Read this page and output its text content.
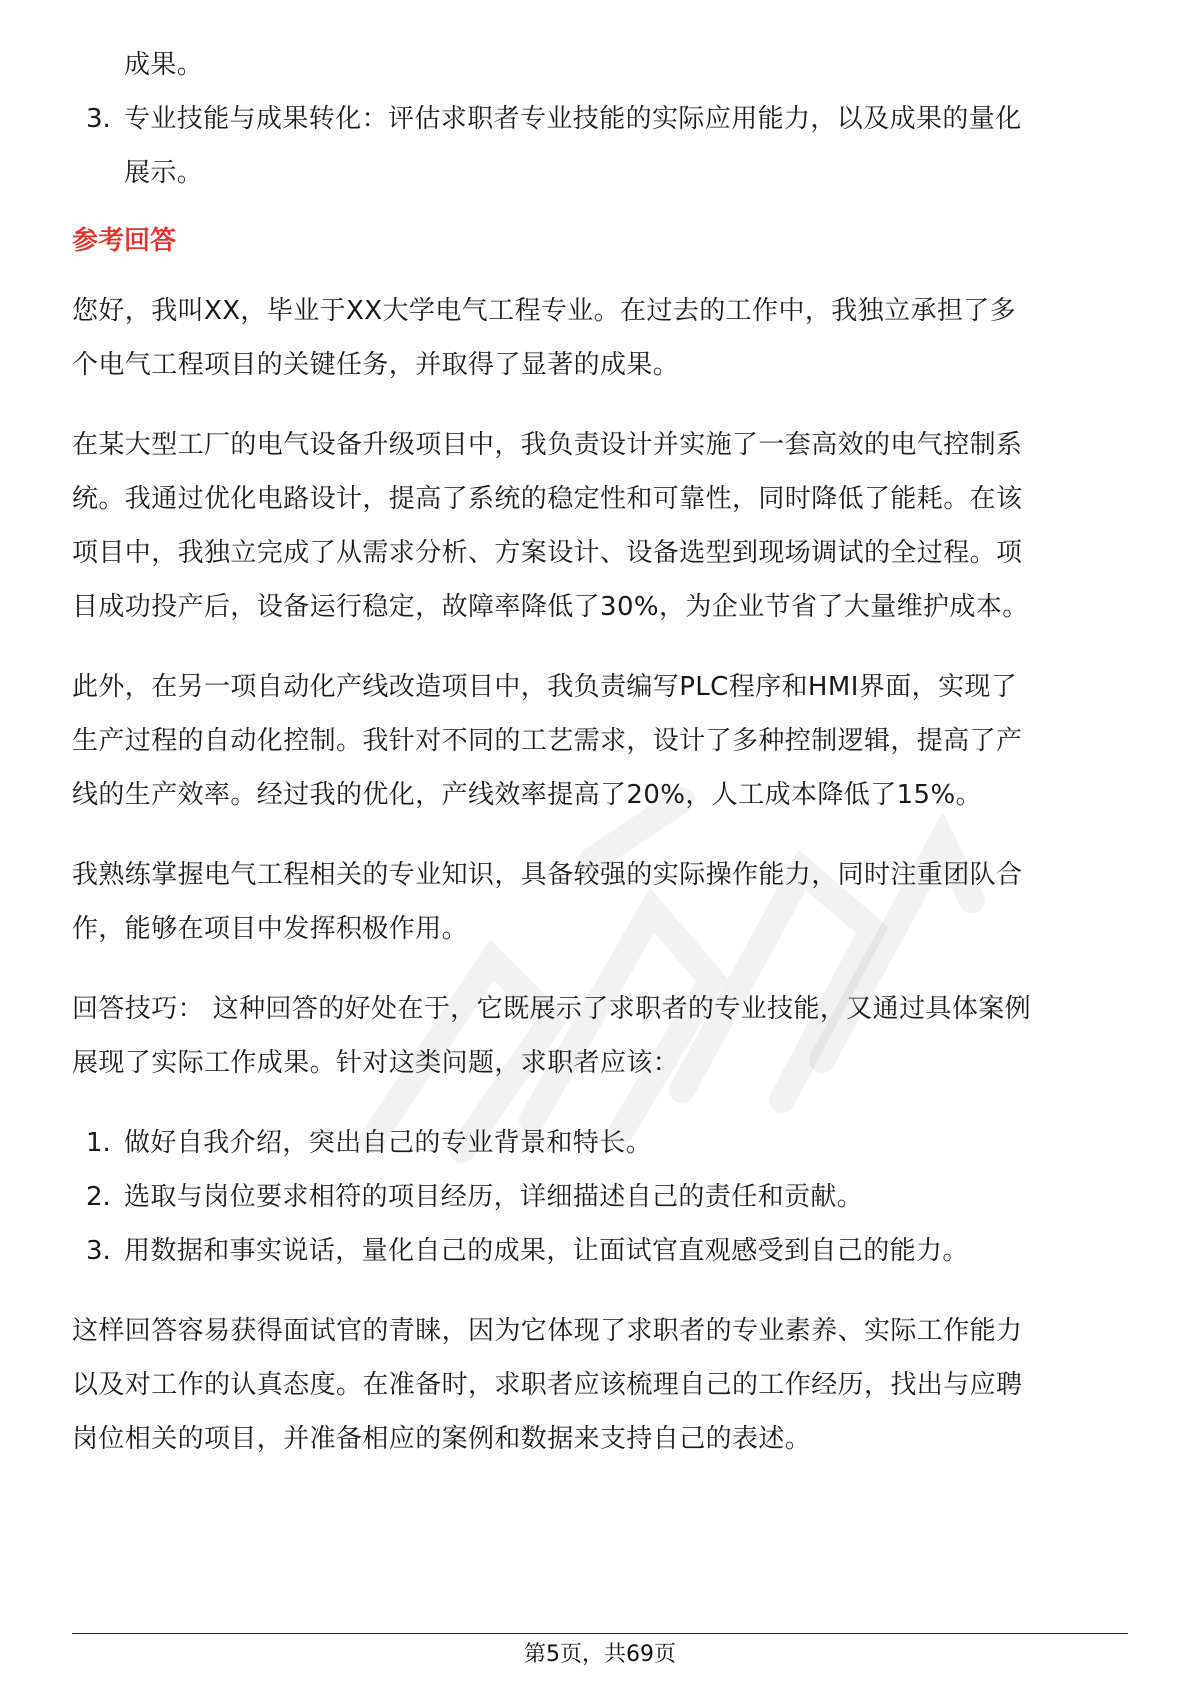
成果。
3. 专业技能与成果转化：评估求职者专业技能的实际应用能力，以及成果的量化
展示。
参考回答
您好，我叫XX，毕业于XX大学电气工程专业。在过去的工作中，我独立承担了多
个电气工程项目的关键任务，并取得了显著的成果。
在某大型工厂的电气设备升级项目中，我负责设计并实施了一套高效的电气控制系
统。我通过优化电路设计，提高了系统的稳定性和可靠性，同时降低了能耗。在该
项目中，我独立完成了从需求分析、方案设计、设备选型到现场调试的全过程。项
目成功投产后，设备运行稳定，故障率降低了30%，为企业节省了大量维护成本。
此外，在另一项自动化产线改造项目中，我负责编写PLC程序和HMI界面，实现了
生产过程的自动化控制。我针对不同的工艺需求，设计了多种控制逻辑，提高了产
线的生产效率。经过我的优化，产线效率提高了20%，人工成本降低了15%。
我熟练掌握电气工程相关的专业知识，具备较强的实际操作能力，同时注重团队合
作，能够在项目中发挥积极作用。
回答技巧： 这种回答的好处在于，它既展示了求职者的专业技能，又通过具体案例
展现了实际工作成果。针对这类问题，求职者应该：
1. 做好自我介绍，突出自己的专业背景和特长。
2. 选取与岗位要求相符的项目经历，详细描述自己的责任和贡献。
3. 用数据和事实说话，量化自己的成果，让面试官直观感受到自己的能力。
这样回答容易获得面试官的青睐，因为它体现了求职者的专业素养、实际工作能力
以及对工作的认真态度。在准备时，求职者应该梳理自己的工作经历，找出与应聘
岗位相关的项目，并准备相应的案例和数据来支持自己的表述。
第5页，共69页
